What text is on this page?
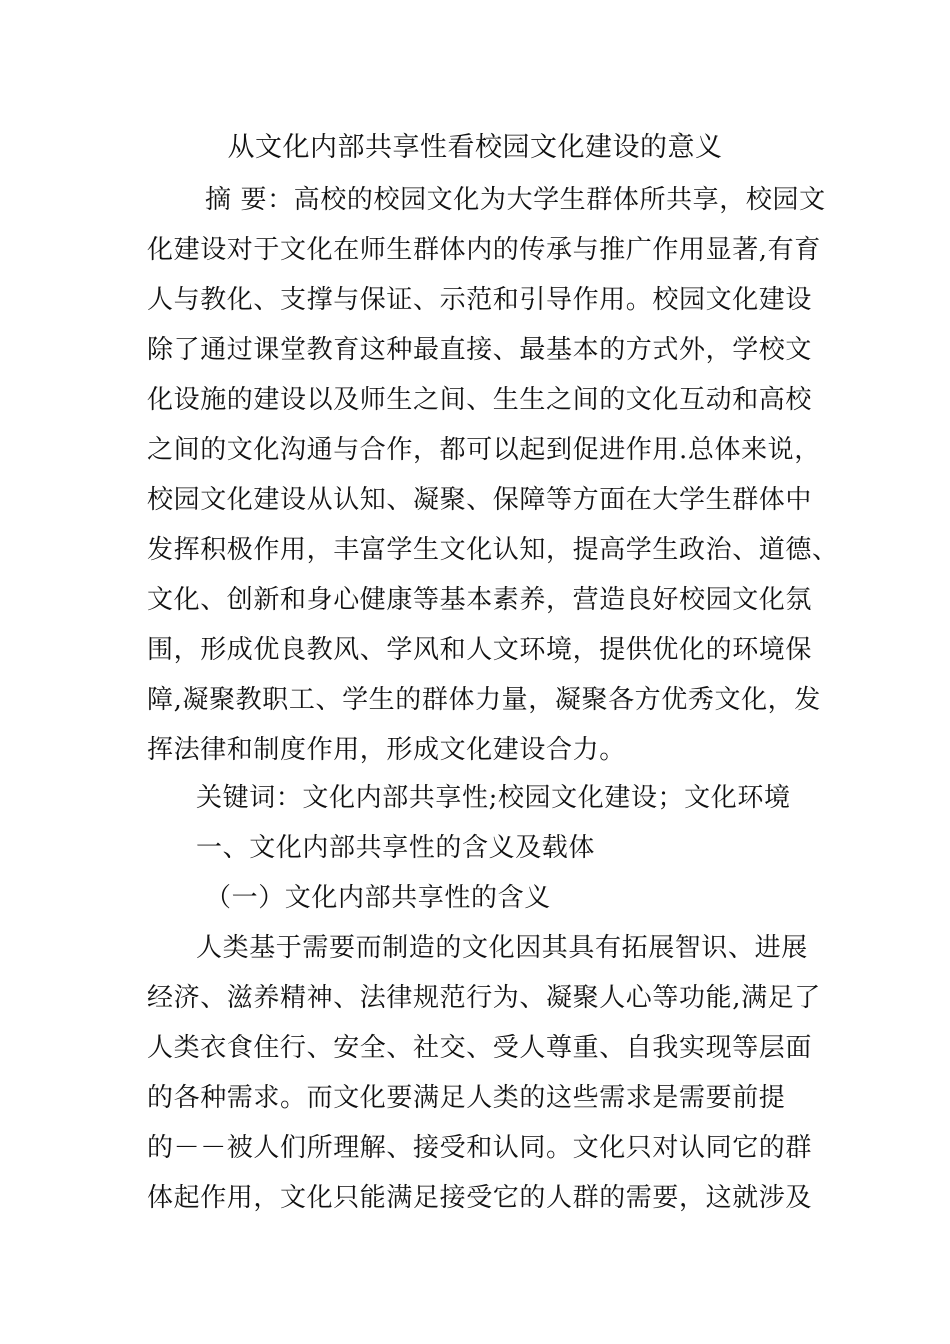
从文化内部共享性看校园文化建设的意义
摘 要：高校的校园文化为大学生群体所共享，校园文
化建设对于文化在师生群体内的传承与推广作用显著,有育
人与教化、支撑与保证、示范和引导作用。校园文化建设
除了通过课堂教育这种最直接、最基本的方式外，学校文
化设施的建设以及师生之间、生生之间的文化互动和高校
之间的文化沟通与合作，都可以起到促进作用.总体来说，
校园文化建设从认知、凝聚、保障等方面在大学生群体中
发挥积极作用，丰富学生文化认知，提高学生政治、道德、
文化、创新和身心健康等基本素养，营造良好校园文化氛
围，形成优良教风、学风和人文环境，提供优化的环境保
障,凝聚教职工、学生的群体力量，凝聚各方优秀文化，发
挥法律和制度作用，形成文化建设合力。
关键词：文化内部共享性;校园文化建设；文化环境
一、文化内部共享性的含义及载体
（一）文化内部共享性的含义
人类基于需要而制造的文化因其具有拓展智识、进展
经济、滋养精神、法律规范行为、凝聚人心等功能,满足了
人类衣食住行、安全、社交、受人尊重、自我实现等层面
的各种需求。而文化要满足人类的这些需求是需要前提
的－－被人们所理解、接受和认同。文化只对认同它的群
体起作用，文化只能满足接受它的人群的需要，这就涉及
